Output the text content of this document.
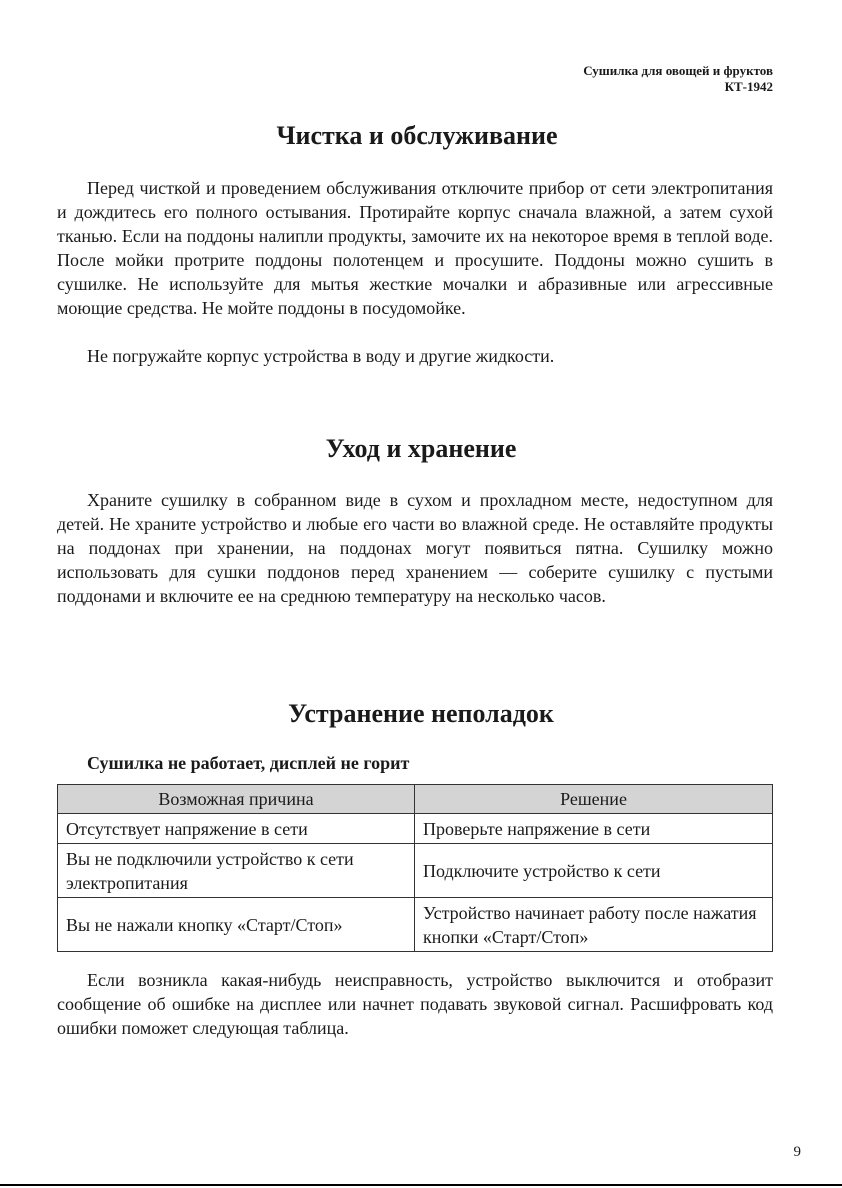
Сушилка для овощей и фруктов
КТ-1942
Чистка и обслуживание

Перед чисткой и проведением обслуживания отключите прибор от сети электропитания и дождитесь его полного остывания. Протирайте корпус сначала влажной, а затем сухой тканью. Если на поддоны налипли продукты, замочите их на некоторое время в теплой воде. После мойки протрите поддоны полотенцем и просушите. Поддоны можно сушить в сушилке. Не используйте для мытья жесткие мочалки и абразивные или агрессивные моющие средства. Не мойте поддоны в посудомойке.

Не погружайте корпус устройства в воду и другие жидкости.

Уход и хранение

Храните сушилку в собранном виде в сухом и прохладном месте, недоступном для детей. Не храните устройство и любые его части во влажной среде. Не оставляйте продукты на поддонах при хранении, на поддонах могут появиться пятна. Сушилку можно использовать для сушки поддонов перед хранением — соберите сушилку с пустыми поддонами и включите ее на среднюю температуру на несколько часов.

Устранение неполадок
Сушилка не работает, дисплей не горит
Возможная причина	Решение
Отсутствует напряжение в сети	Проверьте напряжение в сети
Вы не подключили устройство к сети электропитания	Подключите устройство к сети
Вы не нажали кнопку «Старт/Стоп»	Устройство начинает работу после нажатия кнопки «Старт/Стоп»

Если возникла какая-нибудь неисправность, устройство выключится и отобразит сообщение об ошибке на дисплее или начнет подавать звуковой сигнал. Расшифровать код ошибки поможет следующая таблица.

9
